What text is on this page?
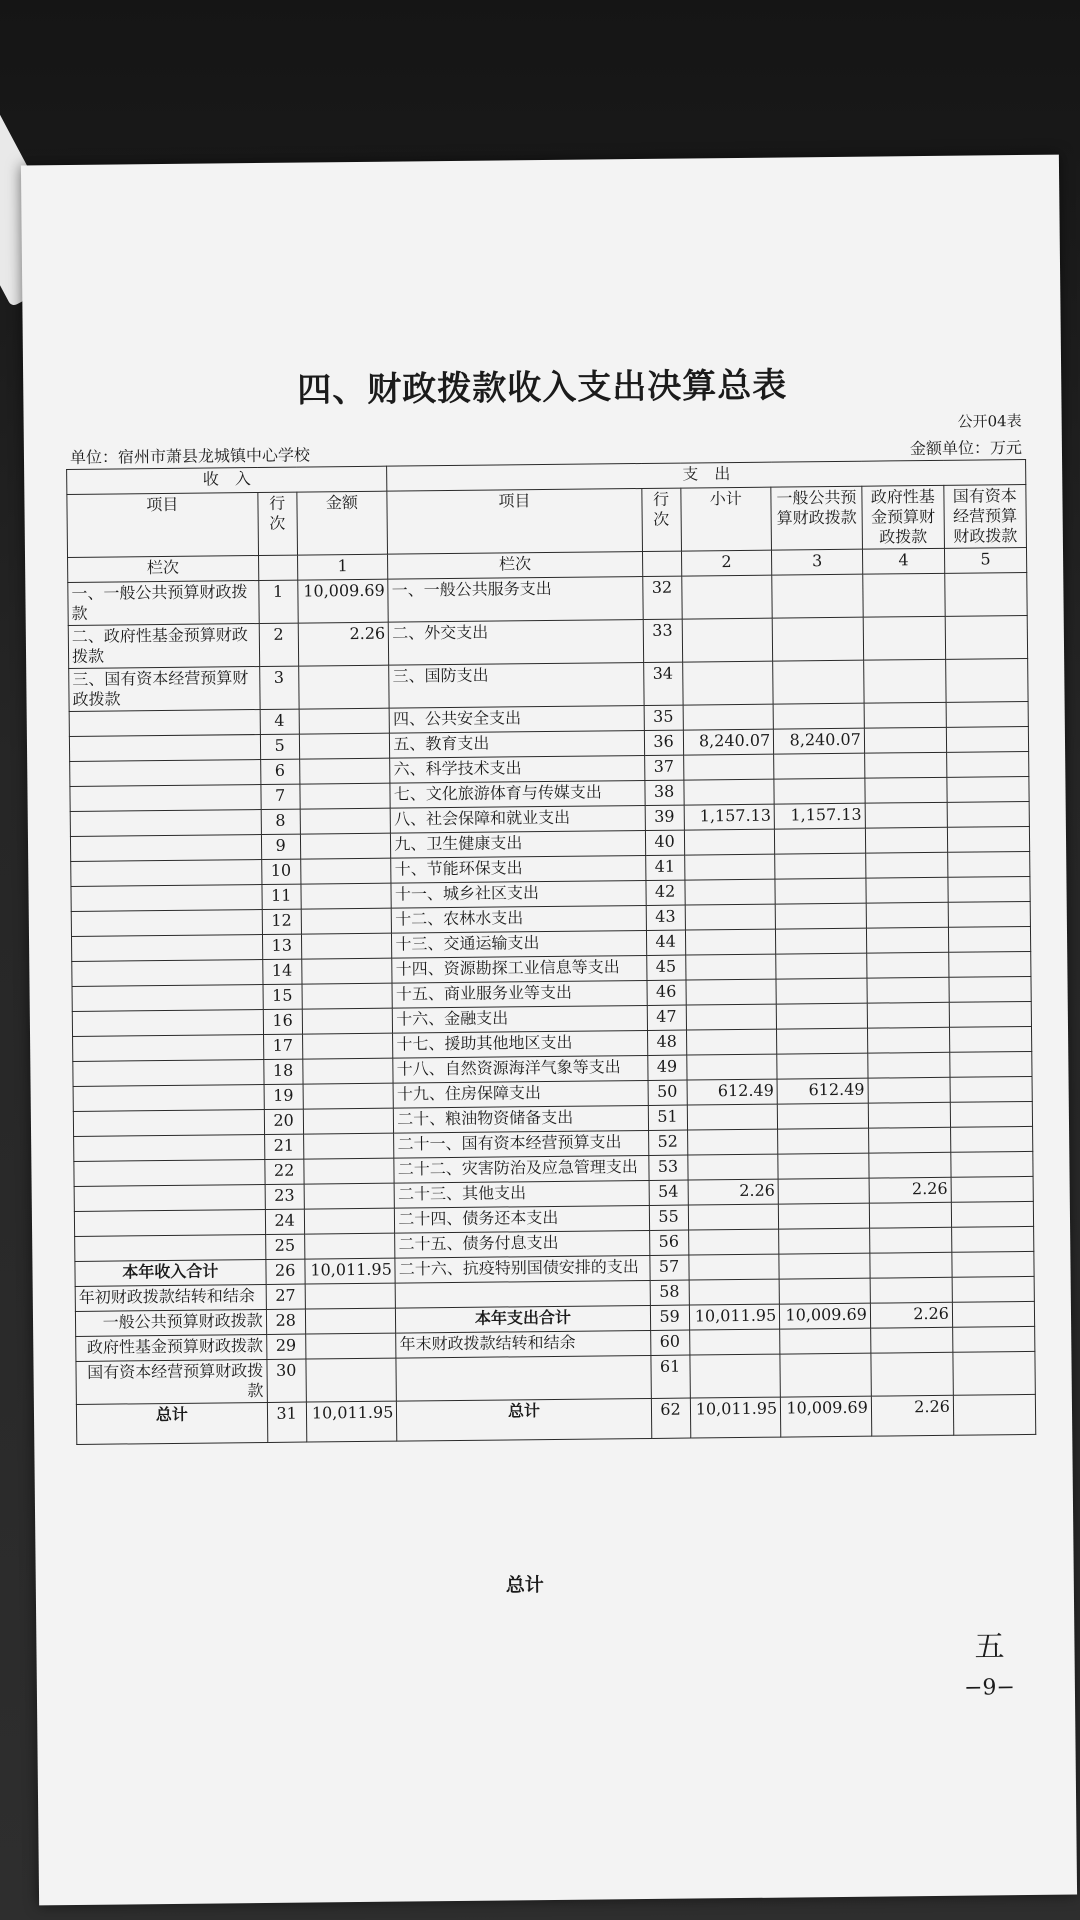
四、财政拨款收入支出决算总表
公开04表
单位：宿州市萧县龙城镇中心学校	金额单位：万元
收　入			支　出					
项目	行次	金额	项目	行次	小计	一般公共预算财政拨款	政府性基金预算财政拨款	国有资本经营预算财政拨款
栏次		1	栏次		2	3	4	5
一、一般公共预算财政拨款	1	10,009.69	一、一般公共服务支出	32				
二、政府性基金预算财政拨款	2	2.26	二、外交支出	33				
三、国有资本经营预算财政拨款	3		三、国防支出	34				
	4		四、公共安全支出	35				
	5		五、教育支出	36	8,240.07	8,240.07		
	6		六、科学技术支出	37				
	7		七、文化旅游体育与传媒支出	38				
	8		八、社会保障和就业支出	39	1,157.13	1,157.13		
	9		九、卫生健康支出	40				
	10		十、节能环保支出	41				
	11		十一、城乡社区支出	42				
	12		十二、农林水支出	43				
	13		十三、交通运输支出	44				
	14		十四、资源勘探工业信息等支出	45				
	15		十五、商业服务业等支出	46				
	16		十六、金融支出	47				
	17		十七、援助其他地区支出	48				
	18		十八、自然资源海洋气象等支出	49				
	19		十九、住房保障支出	50	612.49	612.49		
	20		二十、粮油物资储备支出	51				
	21		二十一、国有资本经营预算支出	52				
	22		二十二、灾害防治及应急管理支出	53				
	23		二十三、其他支出	54	2.26		2.26	
	24		二十四、债务还本支出	55				
	25		二十五、债务付息支出	56				
本年收入合计	26	10,011.95	二十六、抗疫特别国债安排的支出	57				
年初财政拨款结转和结余	27			58				
一般公共预算财政拨款	28		本年支出合计	59	10,011.95	10,009.69	2.26	
政府性基金预算财政拨款	29		年末财政拨款结转和结余	60				
国有资本经营预算财政拨款	30			61				
总计	31	10,011.95	总计	62	10,011.95	10,009.69	2.26	
总计
五
−9−
